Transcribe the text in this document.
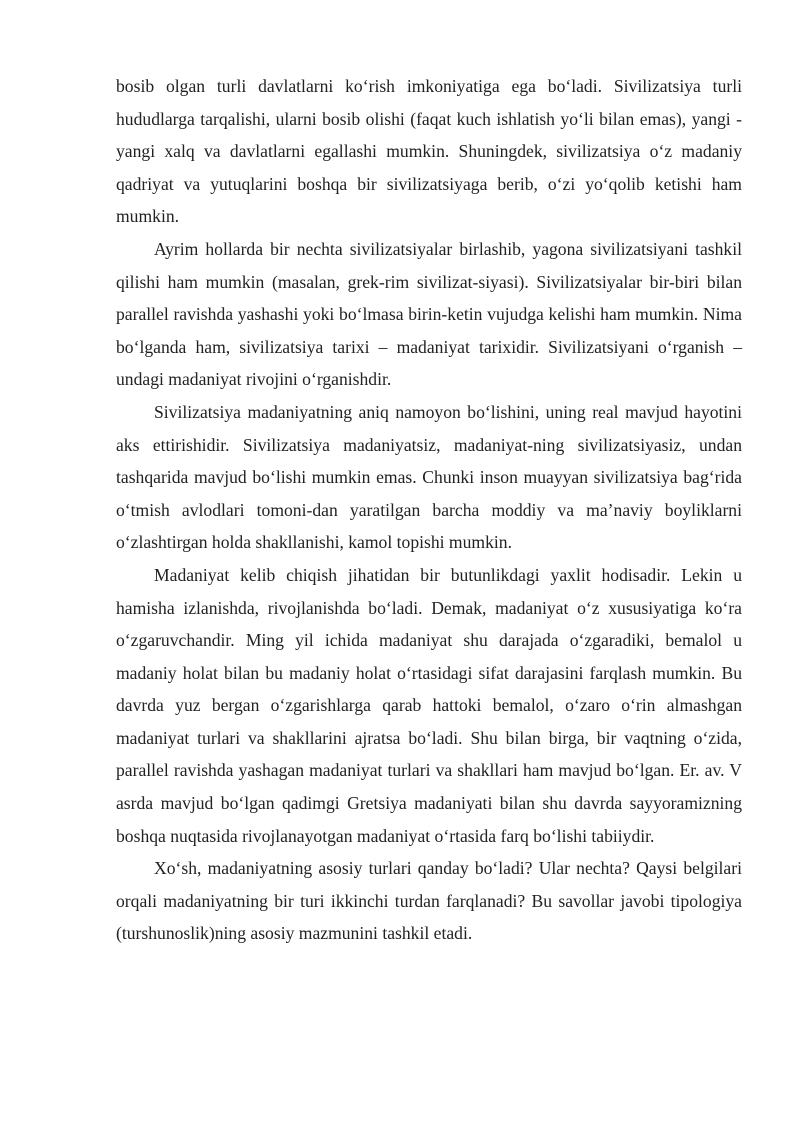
bosib olgan turli davlatlarni ko‘rish imkoniyatiga ega bo‘ladi. Sivilizatsiya turli hududlarga tarqalishi, ularni bosib olishi (faqat kuch ishlatish yo‘li bilan emas), yangi -yangi xalq va davlatlarni egallashi mumkin. Shuningdek, sivilizatsiya o‘z madaniy qadriyat va yutuqlarini boshqa bir sivilizatsiyaga berib, o‘zi yo‘qolib ketishi ham mumkin.

Ayrim hollarda bir nechta sivilizatsiyalar birlashib, yagona sivilizatsiyani tashkil qilishi ham mumkin (masalan, grek-rim sivilizat-siyasi). Sivilizatsiyalar bir-biri bilan parallel ravishda yashashi yoki bo‘lmasa birin-ketin vujudga kelishi ham mumkin. Nima bo‘lganda ham, sivilizatsiya tarixi – madaniyat tarixidir. Sivilizatsiyani o‘rganish – undagi madaniyat rivojini o‘rganishdir.

Sivilizatsiya madaniyatning aniq namoyon bo‘lishini, uning real mavjud hayotini aks ettirishidir. Sivilizatsiya madaniyatsiz, madaniyat-ning sivilizatsiyasiz, undan tashqarida mavjud bo‘lishi mumkin emas. Chunki inson muayyan sivilizatsiya bag‘rida o‘tmish avlodlari tomoni-dan yaratilgan barcha moddiy va ma’naviy boyliklarni o‘zlashtirgan holda shakllanishi, kamol topishi mumkin.

Madaniyat kelib chiqish jihatidan bir butunlikdagi yaxlit hodisadir. Lekin u hamisha izlanishda, rivojlanishda bo‘ladi. Demak, madaniyat o‘z xususiyatiga ko‘ra o‘zgaruvchandir. Ming yil ichida madaniyat shu darajada o‘zgaradiki, bemalol u madaniy holat bilan bu madaniy holat o‘rtasidagi sifat darajasini farqlash mumkin. Bu davrda yuz bergan o‘zgarishlarga qarab hattoki bemalol, o‘zaro o‘rin almashgan madaniyat turlari va shakllarini ajratsa bo‘ladi. Shu bilan birga, bir vaqtning o‘zida, parallel ravishda yashagan madaniyat turlari va shakllari ham mavjud bo‘lgan. Er. av. V asrda mavjud bo‘lgan qadimgi Gretsiya madaniyati bilan shu davrda sayyoramizning boshqa nuqtasida rivojlanayotgan madaniyat o‘rtasida farq bo‘lishi tabiiydir.

Xo‘sh, madaniyatning asosiy turlari qanday bo‘ladi? Ular nechta? Qaysi belgilari orqali madaniyatning bir turi ikkinchi turdan farqlanadi? Bu savollar javobi tipologiya (turshunoslik)ning asosiy mazmunini tashkil etadi.
